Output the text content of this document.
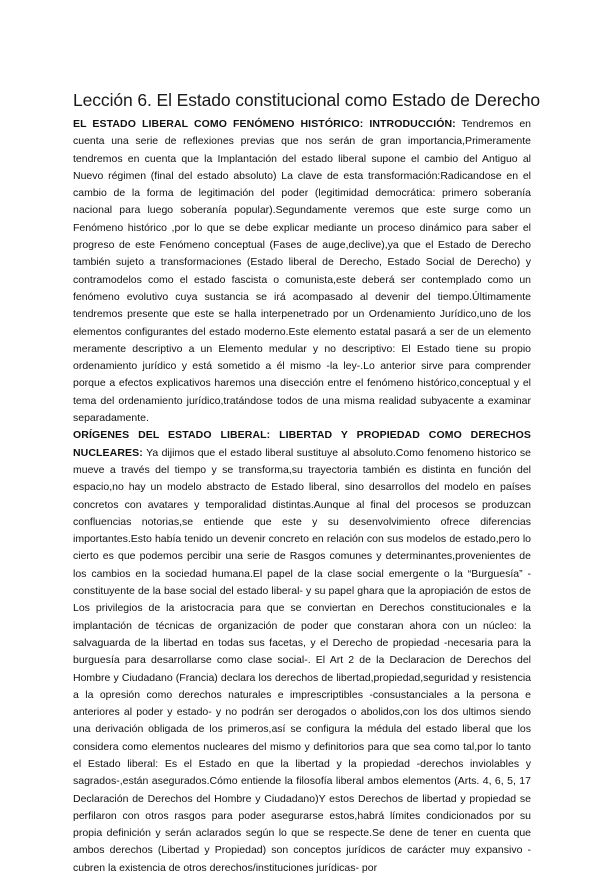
Lección 6. El Estado constitucional como Estado de Derecho

EL ESTADO LIBERAL COMO FENÓMENO HISTÓRICO: INTRODUCCIÓN: Tendremos en cuenta una serie de reflexiones previas que nos serán de gran importancia,Primeramente tendremos en cuenta que la Implantación del estado liberal supone el cambio del Antiguo al Nuevo régimen (final del estado absoluto) La clave de esta transformación:Radicandose en el cambio de la forma de legitimación del poder (legitimidad democrática: primero soberanía nacional para luego soberanía popular).Segundamente veremos que este surge como un Fenómeno histórico ,por lo que se debe explicar mediante un proceso dinámico para saber el progreso de este Fenómeno conceptual (Fases de auge,declive),ya que el Estado de Derecho también sujeto a transformaciones (Estado liberal de Derecho, Estado Social de Derecho) y contramodelos como el estado fascista o comunista,este deberá ser contemplado como un fenómeno evolutivo cuya sustancia se irá acompasado al devenir del tiempo.Últimamente tendremos presente que este se halla interpenetrado por un Ordenamiento Jurídico,uno de los elementos configurantes del estado moderno.Este elemento estatal pasará a ser de un elemento meramente descriptivo a un Elemento medular y no descriptivo: El Estado tiene su propio ordenamiento jurídico y está sometido a él mismo -la ley-.Lo anterior sirve para comprender porque a efectos explicativos haremos una disección entre el fenómeno histórico,conceptual y el tema del ordenamiento jurídico,tratándose todos de una misma realidad subyacente a examinar separadamente.

ORÍGENES DEL ESTADO LIBERAL: LIBERTAD Y PROPIEDAD COMO DERECHOS NUCLEARES: Ya dijimos que el estado liberal sustituye al absoluto.Como fenomeno historico se mueve a través del tiempo y se transforma,su trayectoria también es distinta en función del espacio,no hay un modelo abstracto de Estado liberal, sino desarrollos del modelo en países concretos con avatares y temporalidad distintas.Aunque al final del procesos se produzcan confluencias notorias,se entiende que este y su desenvolvimiento ofrece diferencias importantes.Esto había tenido un devenir concreto en relación con sus modelos de estado,pero lo cierto es que podemos percibir una serie de Rasgos comunes y determinantes,provenientes de los cambios en la sociedad humana.El papel de la clase social emergente o la “Burguesía” -constituyente de la base social del estado liberal- y su papel ghara que la apropiación de estos de Los privilegios de la aristocracia para que se conviertan en Derechos constitucionales e la implantación de técnicas de organización de poder que constaran ahora con un núcleo: la salvaguarda de la libertad en todas sus facetas, y el Derecho de propiedad -necesaria para la burguesía para desarrollarse como clase social-. El Art 2 de la Declaracion de Derechos del Hombre y Ciudadano (Francia) declara los derechos de libertad,propiedad,seguridad y resistencia a la opresión como derechos naturales e imprescriptibles -consustanciales a la persona e anteriores al poder y estado- y no podrán ser derogados o abolidos,con los dos ultimos siendo una derivación obligada de los primeros,así se configura la médula del estado liberal que los considera como elementos nucleares del mismo y definitorios para que sea como tal,por lo tanto el Estado liberal: Es el Estado en que la libertad y la propiedad -derechos inviolables y sagrados-,están asegurados.Cómo entiende la filosofía liberal ambos elementos (Arts. 4, 6, 5, 17 Declaración de Derechos del Hombre y Ciudadano)Y estos Derechos de libertad y propiedad se perfilaron con otros rasgos para poder asegurarse estos,habrá límites condicionados por su propia definición y serán aclarados según lo que se respecte.Se dene de tener en cuenta que ambos derechos (Libertad y Propiedad) son conceptos jurídicos de carácter muy expansivo -cubren la existencia de otros derechos/instituciones jurídicas- por
